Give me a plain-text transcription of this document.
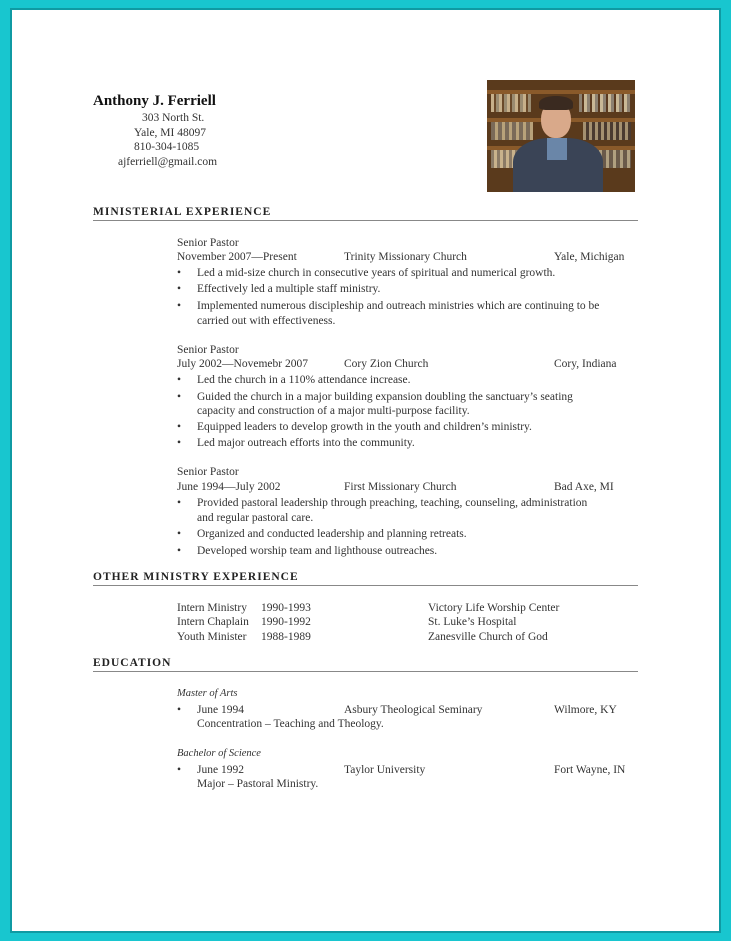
Anthony J. Ferriell
303 North St.
Yale, MI 48097
810-304-1085
ajferriell@gmail.com
MINISTERIAL EXPERIENCE
Senior Pastor
November 2007—Present	Trinity Missionary Church	Yale, Michigan
• Led a mid-size church in consecutive years of spiritual and numerical growth.
• Effectively led a multiple staff ministry.
• Implemented numerous discipleship and outreach ministries which are continuing to be
carried out with effectiveness.
Senior Pastor
July 2002—Novemebr 2007	Cory Zion Church	Cory, Indiana
• Led the church in a 110% attendance increase.
• Guided the church in a major building expansion doubling the sanctuary’s seating
capacity and construction of a major multi-purpose facility.
• Equipped leaders to develop growth in the youth and children’s ministry.
• Led major outreach efforts into the community.
Senior Pastor
June 1994—July 2002	First Missionary Church	Bad Axe, MI
• Provided pastoral leadership through preaching, teaching, counseling, administration
and regular pastoral care.
• Organized and conducted leadership and planning retreats.
• Developed worship team and lighthouse outreaches.
OTHER MINISTRY EXPERIENCE
Intern Ministry 1990-1993	Victory Life Worship Center
Intern Chaplain 1990-1992	St. Luke’s Hospital
Youth Minister 1988-1989	Zanesville Church of God
EDUCATION
Master of Arts
• June 1994	Asbury Theological Seminary	Wilmore, KY
Concentration – Teaching and Theology.
Bachelor of Science
• June 1992	Taylor University	Fort Wayne, IN
Major – Pastoral Ministry.
